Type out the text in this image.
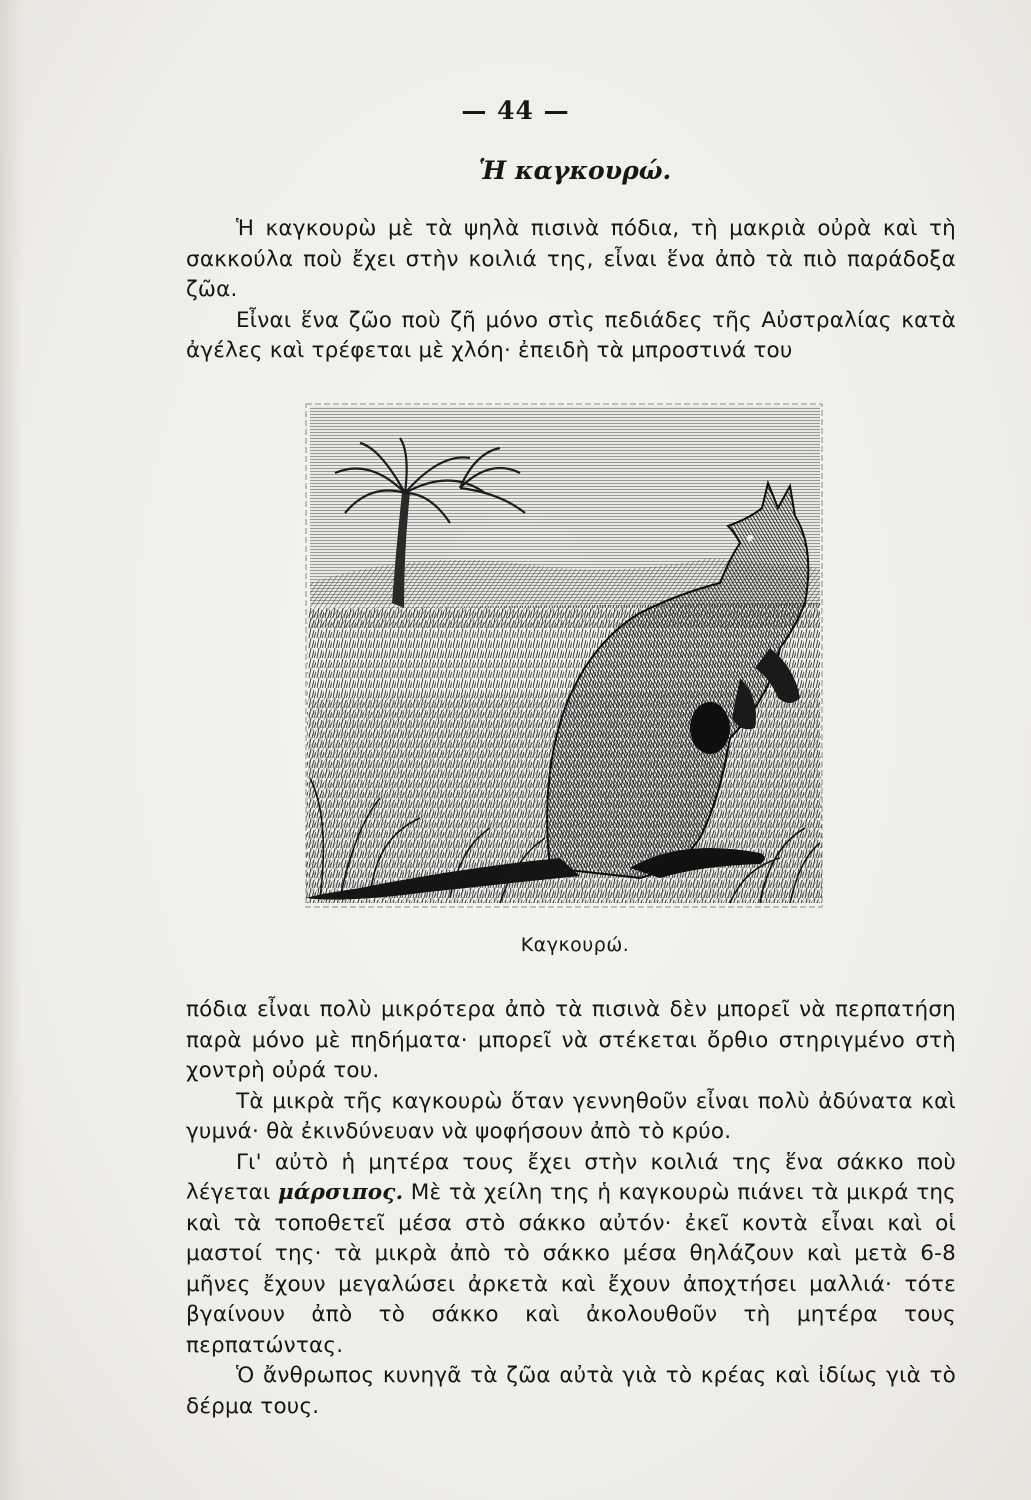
— 44 —
Ἡ καγκουρώ.

Ἡ καγκουρὼ μὲ τὰ ψηλὰ πισινὰ πόδια, τὴ μακριὰ οὐρὰ καὶ τὴ σακκούλα ποὺ ἔχει στὴν κοιλιά της, εἶναι ἕνα ἀπὸ τὰ πιὸ παράδοξα ζῶα.

Εἶναι ἕνα ζῶο ποὺ ζῆ μόνο στὶς πεδιάδες τῆς Αὐστραλίας κατὰ ἀγέλες καὶ τρέφεται μὲ χλόη· ἐπειδὴ τὰ μπροστινά του

Καγκουρώ.

πόδια εἶναι πολὺ μικρότερα ἀπὸ τὰ πισινὰ δὲν μπορεῖ νὰ περπατήση παρὰ μόνο μὲ πηδήματα· μπορεῖ νὰ στέκεται ὄρθιο στηριγμένο στὴ χοντρὴ οὐρά του.

Τὰ μικρὰ τῆς καγκουρὼ ὅταν γεννηθοῦν εἶναι πολὺ ἀδύνατα καὶ γυμνά· θὰ ἐκινδύνευαν νὰ ψοφήσουν ἀπὸ τὸ κρύο.

Γι' αὐτὸ ἡ μητέρα τους ἔχει στὴν κοιλιά της ἕνα σάκκο ποὺ λέγεται μάρσιπος. Μὲ τὰ χείλη της ἡ καγκουρὼ πιάνει τὰ μικρά της καὶ τὰ τοποθετεῖ μέσα στὸ σάκκο αὐτόν· ἐκεῖ κοντὰ εἶναι καὶ οἱ μαστοί της· τὰ μικρὰ ἀπὸ τὸ σάκκο μέσα θηλάζουν καὶ μετὰ 6-8 μῆνες ἔχουν μεγαλώσει ἀρκετὰ καὶ ἔχουν ἀποχτήσει μαλλιά· τότε βγαίνουν ἀπὸ τὸ σάκκο καὶ ἀκολουθοῦν τὴ μητέρα τους περπατώντας.

Ὁ ἄνθρωπος κυνηγᾶ τὰ ζῶα αὐτὰ γιὰ τὸ κρέας καὶ ἰδίως γιὰ τὸ δέρμα τους.
